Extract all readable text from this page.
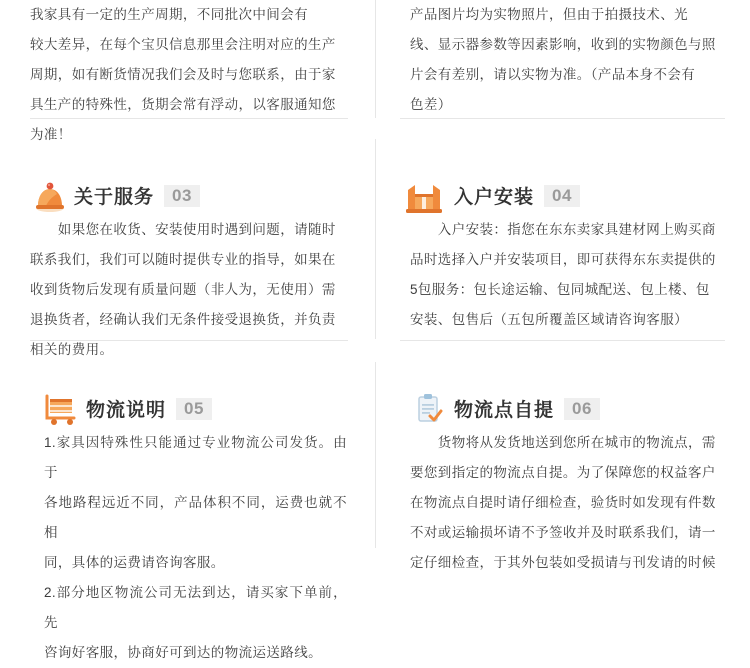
我家具有一定的生产周期，不同批次中间会有
较大差异，在每个宝贝信息那里会注明对应的生产
周期，如有断货情况我们会及时与您联系，由于家
具生产的特殊性，货期会常有浮动，以客服通知您
为准！
产品图片均为实物照片，但由于拍摄技术、光
线、显示器参数等因素影响，收到的实物颜色与照
片会有差别，请以实物为准。（产品本身不会有
色差）
关于服务	03
　　如果您在收货、安装使用时遇到问题，请随时
联系我们，我们可以随时提供专业的指导，如果在
收到货物后发现有质量问题（非人为，无使用）需
退换货者，经确认我们无条件接受退换货，并负责
相关的费用。
入户安装	04
　　入户安装：指您在东东卖家具建材网上购买商
品时选择入户并安装项目，即可获得东东卖提供的
5包服务：包长途运输、包同城配送、包上楼、包
安装、包售后（五包所覆盖区域请咨询客服）
物流说明	05
1.家具因特殊性只能通过专业物流公司发货。由于
各地路程远近不同，产品体积不同，运费也就不相
同，具体的运费请咨询客服。
2.部分地区物流公司无法到达，请买家下单前，先
咨询好客服，协商好可到达的物流运送路线。
物流点自提	06
　　货物将从发货地送到您所在城市的物流点，需
要您到指定的物流点自提。为了保障您的权益客户
在物流点自提时请仔细检查，验货时如发现有件数
不对或运输损坏请不予签收并及时联系我们，请一
定仔细检查，于其外包装如受损请与刊发请的时候
